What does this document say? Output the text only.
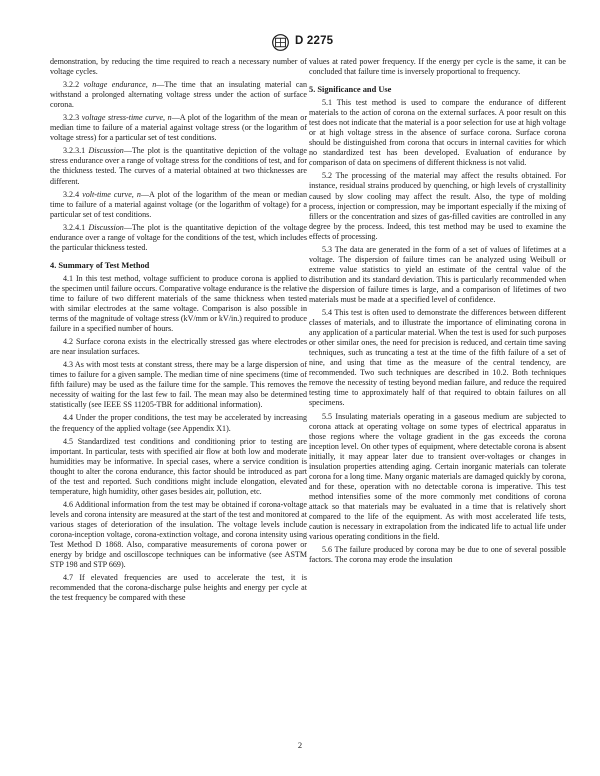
D 2275

demonstration, by reducing the time required to reach a necessary number of voltage cycles.

3.2.2 voltage endurance, n—The time that an insulating material can withstand a prolonged alternating voltage stress under the action of surface corona.

3.2.3 voltage stress-time curve, n—A plot of the logarithm of the mean or median time to failure of a material against voltage stress (or the logarithm of voltage stress) for a particular set of test conditions.

3.2.3.1 Discussion—The plot is the quantitative depiction of the voltage stress endurance over a range of voltage stress for the conditions of test, and for the thickness tested. The curves of a material obtained at two thicknesses are different.

3.2.4 volt-time curve, n—A plot of the logarithm of the mean or median time to failure of a material against voltage (or the logarithm of voltage) for a particular set of test conditions.

3.2.4.1 Discussion—The plot is the quantitative depiction of the voltage endurance over a range of voltage for the conditions of the test, which includes the particular thickness tested.

4. Summary of Test Method

4.1 In this test method, voltage sufficient to produce corona is applied to the specimen until failure occurs. Comparative voltage endurance is the relative time to failure of two different materials of the same thickness when tested with similar electrodes at the same voltage. Comparison is also possible in terms of the magnitude of voltage stress (kV/mm or kV/in.) required to produce failure in a specified number of hours.

4.2 Surface corona exists in the electrically stressed gas where electrodes are near insulation surfaces.

4.3 As with most tests at constant stress, there may be a large dispersion of times to failure for a given sample. The median time of nine specimens (time of fifth failure) may be used as the failure time for the sample. This removes the necessity of waiting for the last few to fail. The mean may also be determined statistically (see IEEE SS 11205-TBR for additional information).

4.4 Under the proper conditions, the test may be accelerated by increasing the frequency of the applied voltage (see Appendix X1).

4.5 Standardized test conditions and conditioning prior to testing are important. In particular, tests with specified air flow at both low and moderate humidities may be informative. In special cases, where a service condition is thought to alter the corona endurance, this factor should be introduced as part of the test and reported. Such conditions might include elongation, elevated temperature, high humidity, other gases besides air, pollution, etc.

4.6 Additional information from the test may be obtained if corona-voltage levels and corona intensity are measured at the start of the test and monitored at various stages of deterioration of the insulation. The voltage levels include corona-inception voltage, corona-extinction voltage, and corona intensity using Test Method D 1868. Also, comparative measurements of corona power or energy by bridge and oscilloscope techniques can be informative (see ASTM STP 198 and STP 669).

4.7 If elevated frequencies are used to accelerate the test, it is recommended that the corona-discharge pulse heights and energy per cycle at the test frequency be compared with these

values at rated power frequency. If the energy per cycle is the same, it can be concluded that failure time is inversely proportional to frequency.

5. Significance and Use

5.1 This test method is used to compare the endurance of different materials to the action of corona on the external surfaces. A poor result on this test does not indicate that the material is a poor selection for use at high voltage or at high voltage stress in the absence of surface corona. Surface corona should be distinguished from corona that occurs in internal cavities for which no standardized test has been developed. Evaluation of endurance by comparison of data on specimens of different thickness is not valid.

5.2 The processing of the material may affect the results obtained. For instance, residual strains produced by quenching, or high levels of crystallinity caused by slow cooling may affect the result. Also, the type of molding process, injection or compression, may be important especially if the mixing of fillers or the concentration and sizes of gas-filled cavities are controlled in any degree by the process. Indeed, this test method may be used to examine the effects of processing.

5.3 The data are generated in the form of a set of values of lifetimes at a voltage. The dispersion of failure times can be analyzed using Weibull or extreme value statistics to yield an estimate of the central value of the distribution and its standard deviation. This is particularly recommended when the dispersion of failure times is large, and a comparison of lifetimes of two materials must be made at a specified level of confidence.

5.4 This test is often used to demonstrate the differences between different classes of materials, and to illustrate the importance of eliminating corona in any application of a particular material. When the test is used for such purposes or other similar ones, the need for precision is reduced, and certain time saving techniques, such as truncating a test at the time of the fifth failure of a set of nine, and using that time as the measure of the central tendency, are recommended. Two such techniques are described in 10.2. Both techniques remove the necessity of testing beyond median failure, and reduce the required testing time to approximately half of that required to obtain failures on all specimens.

5.5 Insulating materials operating in a gaseous medium are subjected to corona attack at operating voltage on some types of electrical apparatus in those regions where the voltage gradient in the gas exceeds the corona inception level. On other types of equipment, where detectable corona is absent initially, it may appear later due to transient over-voltages or changes in insulation properties attending aging. Certain inorganic materials can tolerate corona for a long time. Many organic materials are damaged quickly by corona, and for these, operation with no detectable corona is imperative. This test method intensifies some of the more commonly met conditions of corona attack so that materials may be evaluated in a time that is relatively short compared to the life of the equipment. As with most accelerated life tests, caution is necessary in extrapolation from the indicated life to actual life under various operating conditions in the field.

5.6 The failure produced by corona may be due to one of several possible factors. The corona may erode the insulation

2
